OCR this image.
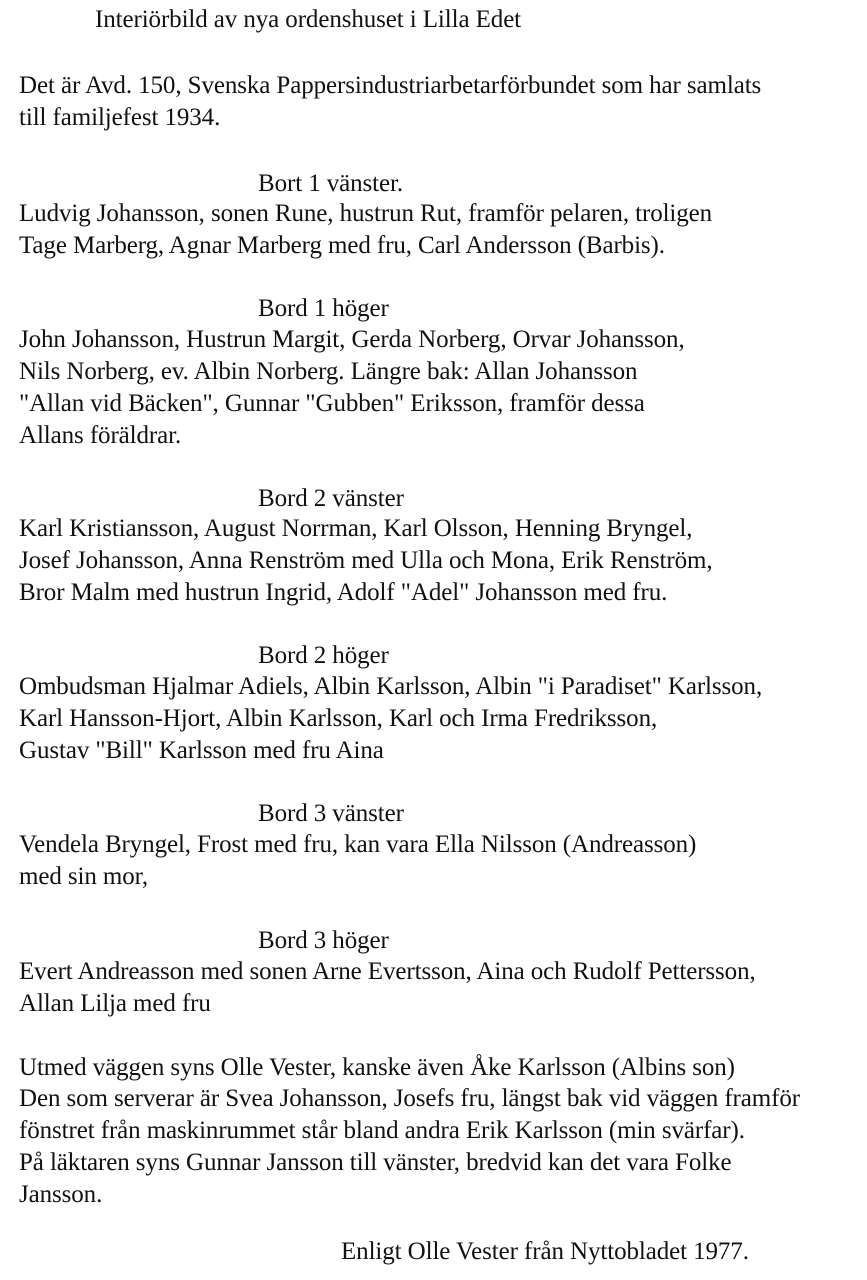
Interiörbild av nya ordenshuset i Lilla Edet
Det är Avd. 150, Svenska Pappersindustriarbetarförbundet som har samlats
till familjefest 1934.
Bort 1 vänster.
Ludvig Johansson, sonen Rune, hustrun Rut, framför pelaren, troligen
Tage Marberg, Agnar Marberg med fru, Carl Andersson (Barbis).
Bord 1 höger
John Johansson, Hustrun Margit, Gerda Norberg, Orvar Johansson,
Nils Norberg, ev. Albin Norberg. Längre bak: Allan Johansson
"Allan vid Bäcken", Gunnar "Gubben" Eriksson, framför dessa
Allans föräldrar.
Bord 2 vänster
Karl Kristiansson, August Norrman, Karl Olsson, Henning Bryngel,
Josef Johansson, Anna Renström med Ulla och Mona, Erik Renström,
Bror Malm med hustrun Ingrid, Adolf "Adel" Johansson med fru.
Bord 2 höger
Ombudsman Hjalmar Adiels, Albin Karlsson, Albin "i Paradiset" Karlsson,
Karl Hansson-Hjort, Albin Karlsson, Karl och Irma Fredriksson,
Gustav "Bill" Karlsson med fru Aina
Bord 3 vänster
Vendela Bryngel, Frost med fru, kan vara Ella Nilsson (Andreasson)
med sin mor,
Bord 3 höger
Evert Andreasson med sonen Arne Evertsson, Aina och Rudolf Pettersson,
Allan Lilja med fru
Utmed väggen syns Olle Vester, kanske även Åke Karlsson (Albins son)
Den som serverar är Svea Johansson, Josefs fru, längst bak vid väggen framför
fönstret från maskinrummet står bland andra Erik Karlsson (min svärfar).
På läktaren syns Gunnar Jansson till vänster, bredvid kan det vara Folke
Jansson.
Enligt Olle Vester från Nyttobladet 1977.
